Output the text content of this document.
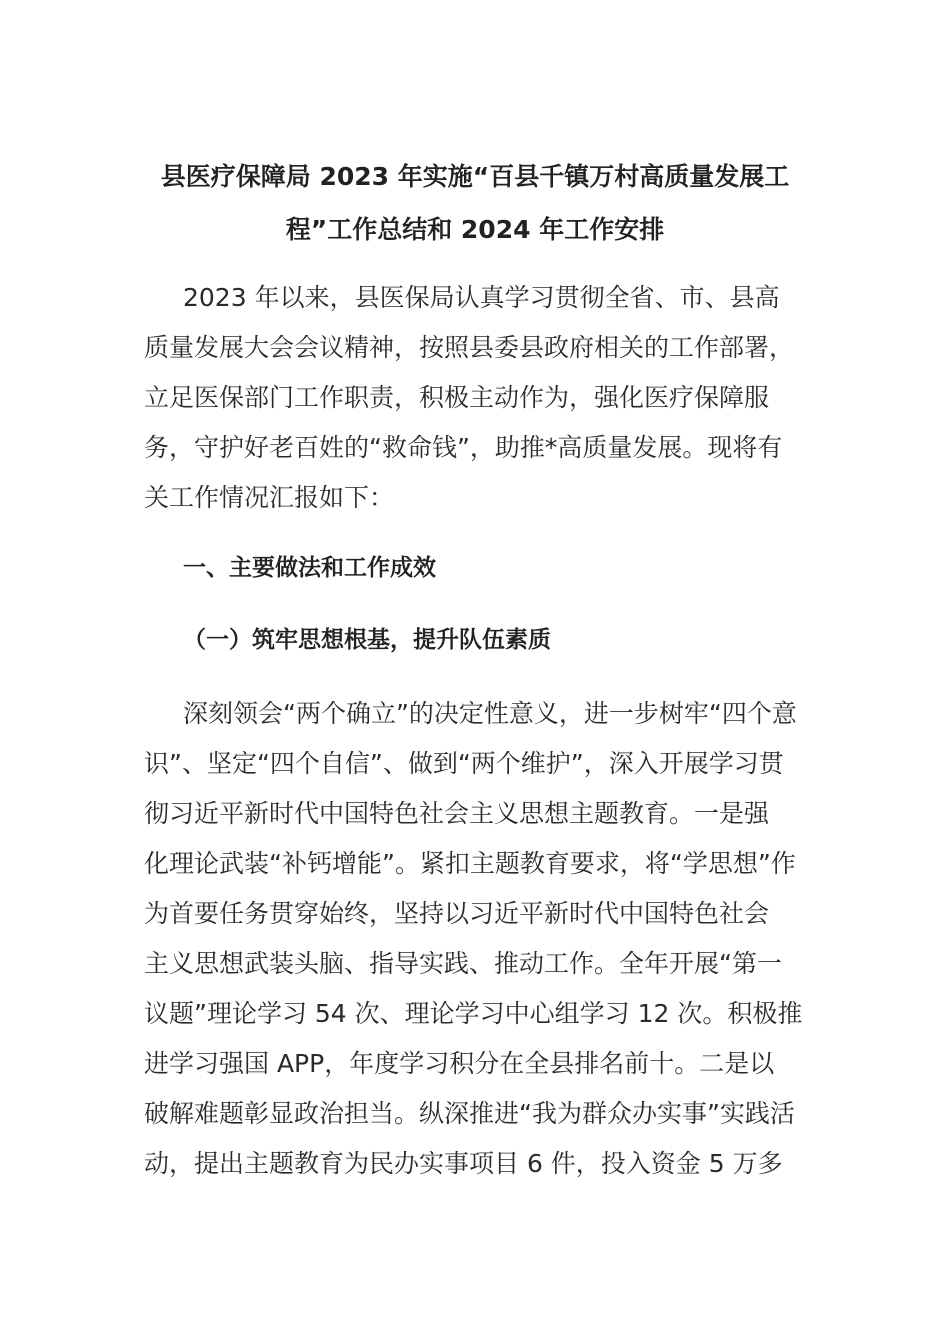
县医疗保障局 2023 年实施“百县千镇万村高质量发展工
程”工作总结和 2024 年工作安排
2023 年以来，县医保局认真学习贯彻全省、市、县高
质量发展大会会议精神，按照县委县政府相关的工作部署，
立足医保部门工作职责，积极主动作为，强化医疗保障服
务，守护好老百姓的“救命钱”，助推*高质量发展。现将有
关工作情况汇报如下：
一、主要做法和工作成效
（一）筑牢思想根基，提升队伍素质
深刻领会“两个确立”的决定性意义，进一步树牢“四个意
识”、坚定“四个自信”、做到“两个维护”，深入开展学习贯
彻习近平新时代中国特色社会主义思想主题教育。一是强
化理论武装“补钙增能”。紧扣主题教育要求，将“学思想”作
为首要任务贯穿始终，坚持以习近平新时代中国特色社会
主义思想武装头脑、指导实践、推动工作。全年开展“第一
议题”理论学习 54 次、理论学习中心组学习 12 次。积极推
进学习强国 APP，年度学习积分在全县排名前十。二是以
破解难题彰显政治担当。纵深推进“我为群众办实事”实践活
动，提出主题教育为民办实事项目 6 件，投入资金 5 万多
